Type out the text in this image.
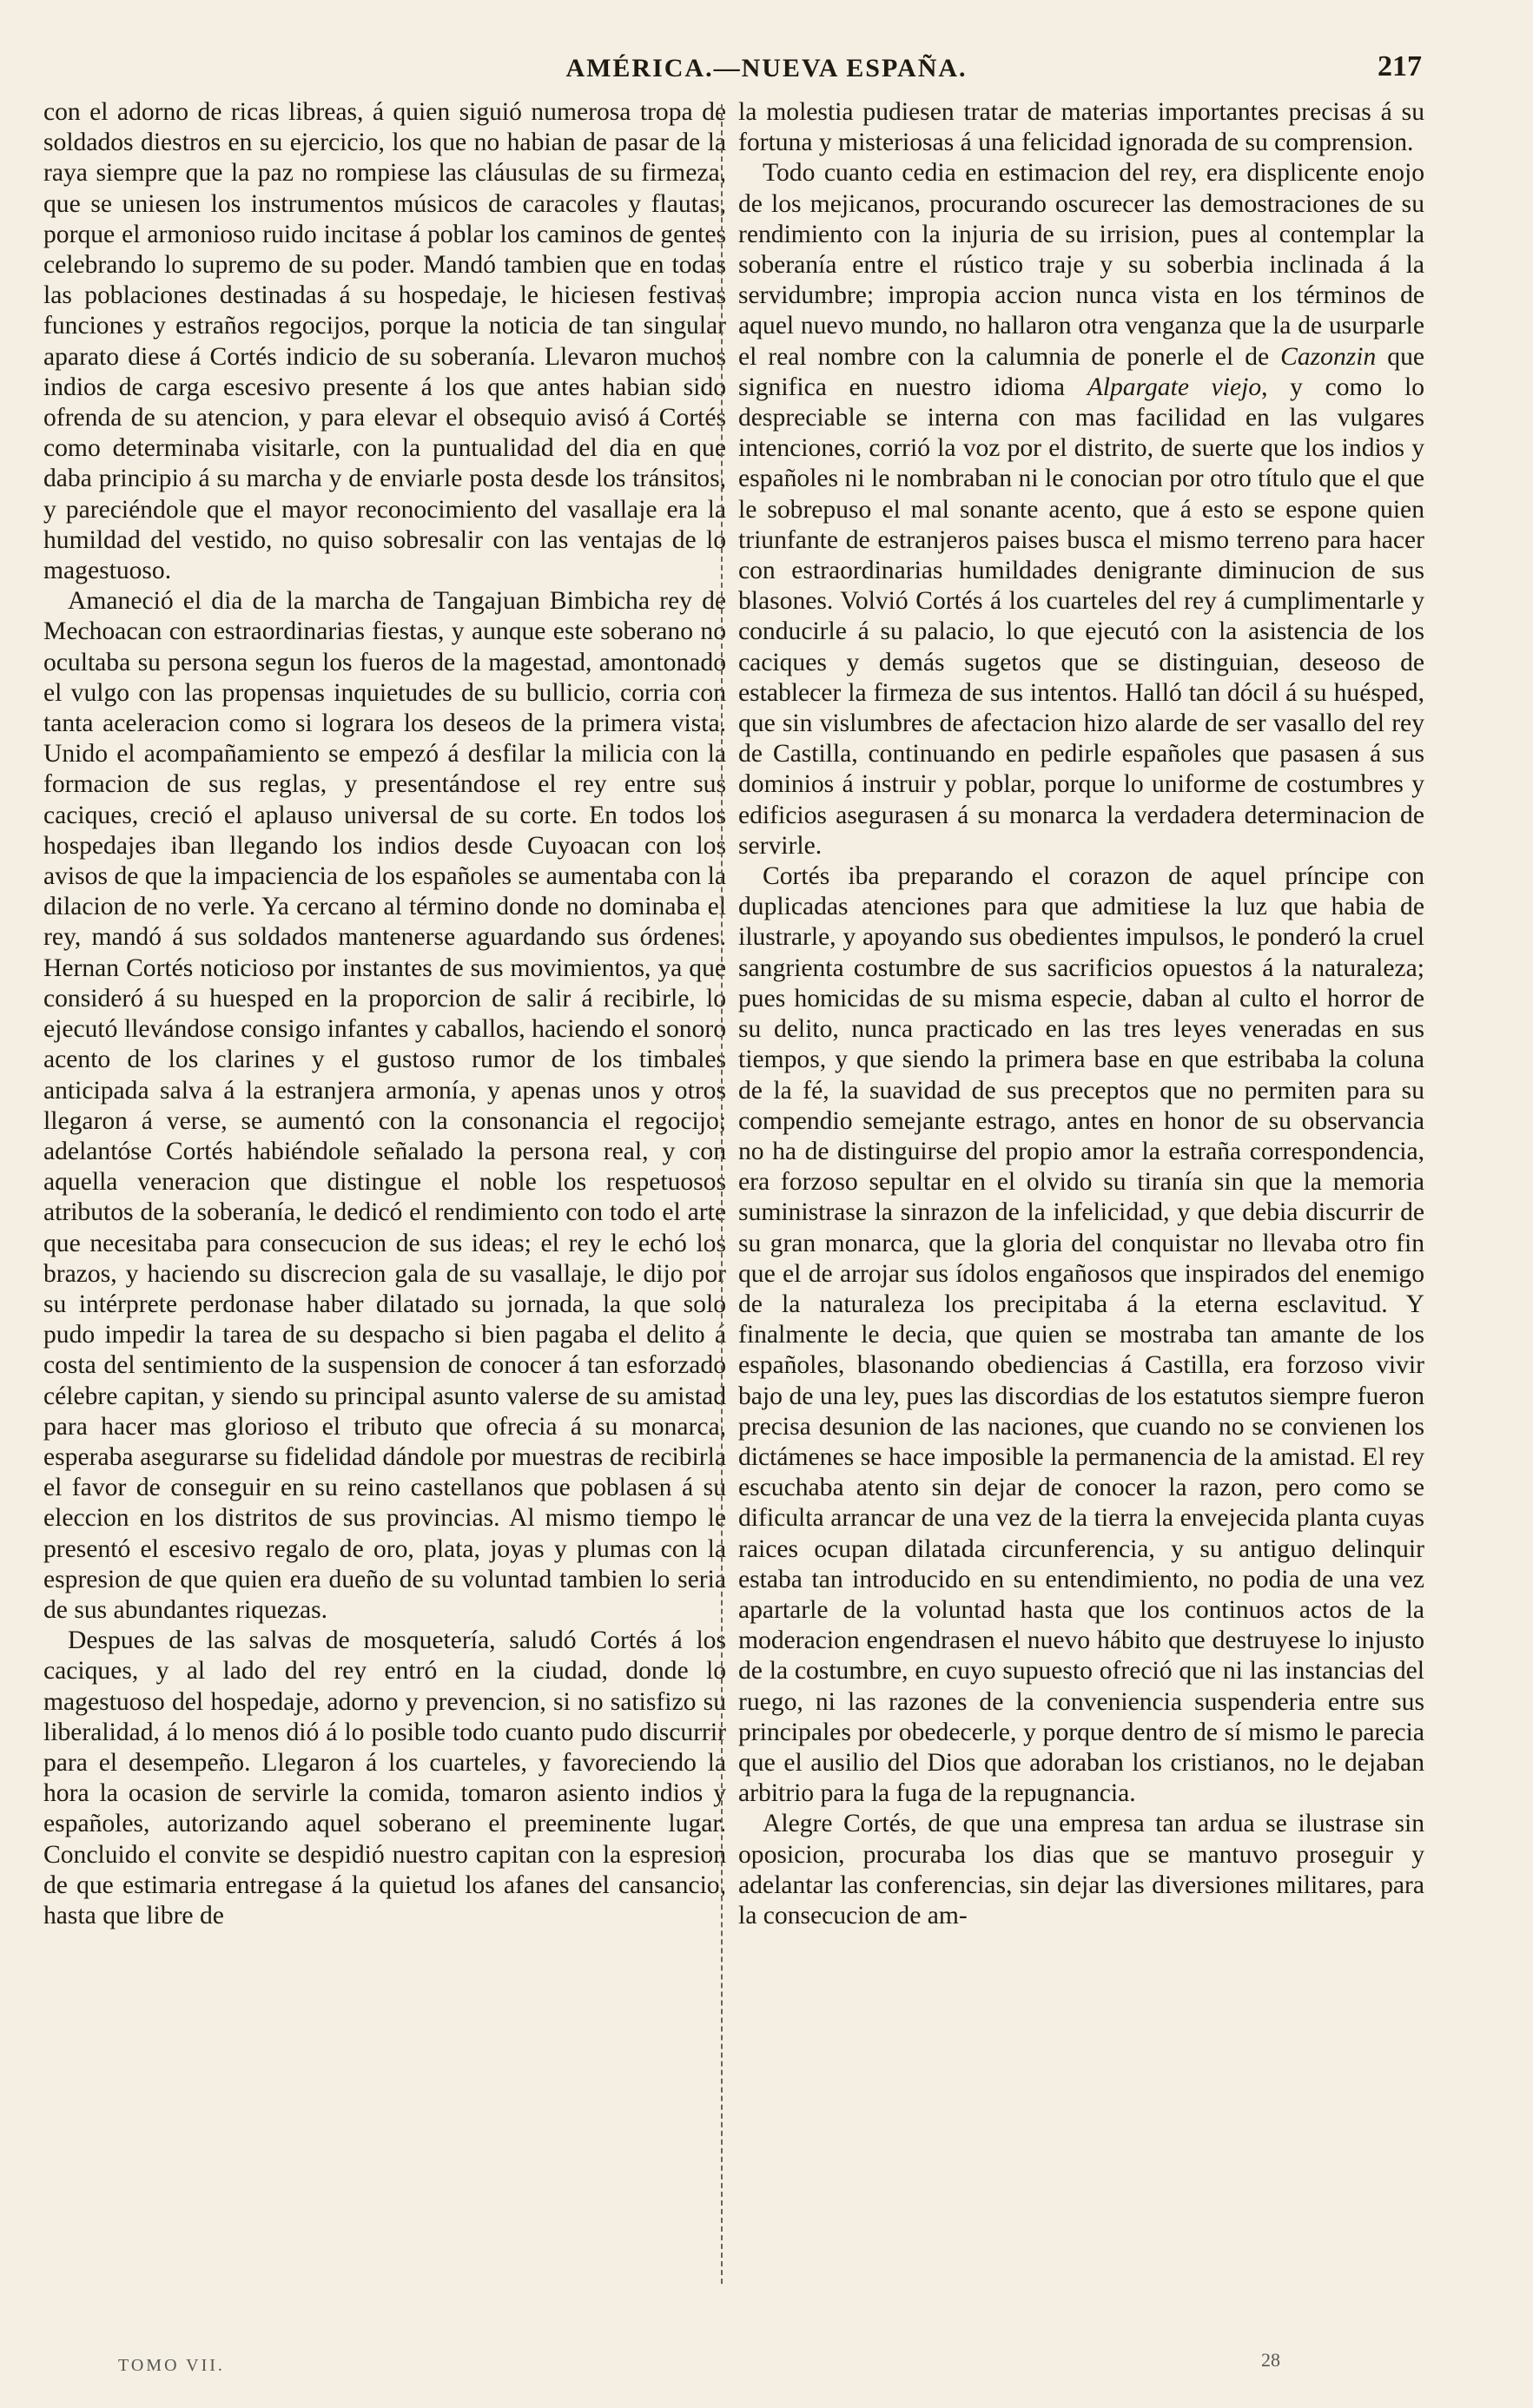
AMÉRICA.—NUEVA ESPAÑA.	217

con el adorno de ricas libreas, á quien siguió numerosa tropa de soldados diestros en su ejercicio, los que no habian de pasar de la raya siempre que la paz no rompiese las cláusulas de su firmeza, que se uniesen los instrumentos músicos de caracoles y flautas, porque el armonioso ruido incitase á poblar los caminos de gentes celebrando lo supremo de su poder. Mandó tambien que en todas las poblaciones destinadas á su hospedaje, le hiciesen festivas funciones y estraños regocijos, porque la noticia de tan singular aparato diese á Cortés indicio de su soberanía. Llevaron muchos indios de carga escesivo presente á los que antes habian sido ofrenda de su atencion, y para elevar el obsequio avisó á Cortés como determinaba visitarle, con la puntualidad del dia en que daba principio á su marcha y de enviarle posta desde los tránsitos, y pareciéndole que el mayor reconocimiento del vasallaje era la humildad del vestido, no quiso sobresalir con las ventajas de lo magestuoso.

Amaneció el dia de la marcha de Tangajuan Bimbicha rey de Mechoacan con estraordinarias fiestas, y aunque este soberano no ocultaba su persona segun los fueros de la magestad, amontonado el vulgo con las propensas inquietudes de su bullicio, corria con tanta aceleracion como si lograra los deseos de la primera vista. Unido el acompañamiento se empezó á desfilar la milicia con la formacion de sus reglas, y presentándose el rey entre sus caciques, creció el aplauso universal de su corte. En todos los hospedajes iban llegando los indios desde Cuyoacan con los avisos de que la impaciencia de los españoles se aumentaba con la dilacion de no verle. Ya cercano al término donde no dominaba el rey, mandó á sus soldados mantenerse aguardando sus órdenes. Hernan Cortés noticioso por instantes de sus movimientos, ya que consideró á su huesped en la proporcion de salir á recibirle, lo ejecutó llevándose consigo infantes y caballos, haciendo el sonoro acento de los clarines y el gustoso rumor de los timbales anticipada salva á la estranjera armonía, y apenas unos y otros llegaron á verse, se aumentó con la consonancia el regocijo; adelantóse Cortés habiéndole señalado la persona real, y con aquella veneracion que distingue el noble los respetuosos atributos de la soberanía, le dedicó el rendimiento con todo el arte que necesitaba para consecucion de sus ideas; el rey le echó los brazos, y haciendo su discrecion gala de su vasallaje, le dijo por su intérprete perdonase haber dilatado su jornada, la que solo pudo impedir la tarea de su despacho si bien pagaba el delito á costa del sentimiento de la suspension de conocer á tan esforzado célebre capitan, y siendo su principal asunto valerse de su amistad para hacer mas glorioso el tributo que ofrecia á su monarca, esperaba asegurarse su fidelidad dándole por muestras de recibirla el favor de conseguir en su reino castellanos que poblasen á su eleccion en los distritos de sus provincias. Al mismo tiempo le presentó el escesivo regalo de oro, plata, joyas y plumas con la espresion de que quien era dueño de su voluntad tambien lo seria de sus abundantes riquezas.

Despues de las salvas de mosquetería, saludó Cortés á los caciques, y al lado del rey entró en la ciudad, donde lo magestuoso del hospedaje, adorno y prevencion, si no satisfizo su liberalidad, á lo menos dió á lo posible todo cuanto pudo discurrir para el desempeño. Llegaron á los cuarteles, y favoreciendo la hora la ocasion de servirle la comida, tomaron asiento indios y españoles, autorizando aquel soberano el preeminente lugar. Concluido el convite se despidió nuestro capitan con la espresion de que estimaria entregase á la quietud los afanes del cansancio, hasta que libre de

la molestia pudiesen tratar de materias importantes precisas á su fortuna y misteriosas á una felicidad ignorada de su comprension.

Todo cuanto cedia en estimacion del rey, era displicente enojo de los mejicanos, procurando oscurecer las demostraciones de su rendimiento con la injuria de su irrision, pues al contemplar la soberanía entre el rústico traje y su soberbia inclinada á la servidumbre; impropia accion nunca vista en los términos de aquel nuevo mundo, no hallaron otra venganza que la de usurparle el real nombre con la calumnia de ponerle el de Cazonzin que significa en nuestro idioma Alpargate viejo, y como lo despreciable se interna con mas facilidad en las vulgares intenciones, corrió la voz por el distrito, de suerte que los indios y españoles ni le nombraban ni le conocian por otro título que el que le sobrepuso el mal sonante acento, que á esto se espone quien triunfante de estranjeros paises busca el mismo terreno para hacer con estraordinarias humildades denigrante diminucion de sus blasones. Volvió Cortés á los cuarteles del rey á cumplimentarle y conducirle á su palacio, lo que ejecutó con la asistencia de los caciques y demás sugetos que se distinguian, deseoso de establecer la firmeza de sus intentos. Halló tan dócil á su huésped, que sin vislumbres de afectacion hizo alarde de ser vasallo del rey de Castilla, continuando en pedirle españoles que pasasen á sus dominios á instruir y poblar, porque lo uniforme de costumbres y edificios asegurasen á su monarca la verdadera determinacion de servirle.

Cortés iba preparando el corazon de aquel príncipe con duplicadas atenciones para que admitiese la luz que habia de ilustrarle, y apoyando sus obedientes impulsos, le ponderó la cruel sangrienta costumbre de sus sacrificios opuestos á la naturaleza; pues homicidas de su misma especie, daban al culto el horror de su delito, nunca practicado en las tres leyes veneradas en sus tiempos, y que siendo la primera base en que estribaba la coluna de la fé, la suavidad de sus preceptos que no permiten para su compendio semejante estrago, antes en honor de su observancia no ha de distinguirse del propio amor la estraña correspondencia, era forzoso sepultar en el olvido su tiranía sin que la memoria suministrase la sinrazon de la infelicidad, y que debia discurrir de su gran monarca, que la gloria del conquistar no llevaba otro fin que el de arrojar sus ídolos engañosos que inspirados del enemigo de la naturaleza los precipitaba á la eterna esclavitud. Y finalmente le decia, que quien se mostraba tan amante de los españoles, blasonando obediencias á Castilla, era forzoso vivir bajo de una ley, pues las discordias de los estatutos siempre fueron precisa desunion de las naciones, que cuando no se convienen los dictámenes se hace imposible la permanencia de la amistad. El rey escuchaba atento sin dejar de conocer la razon, pero como se dificulta arrancar de una vez de la tierra la envejecida planta cuyas raices ocupan dilatada circunferencia, y su antiguo delinquir estaba tan introducido en su entendimiento, no podia de una vez apartarle de la voluntad hasta que los continuos actos de la moderacion engendrasen el nuevo hábito que destruyese lo injusto de la costumbre, en cuyo supuesto ofreció que ni las instancias del ruego, ni las razones de la conveniencia suspenderia entre sus principales por obedecerle, y porque dentro de sí mismo le parecia que el ausilio del Dios que adoraban los cristianos, no le dejaban arbitrio para la fuga de la repugnancia.

Alegre Cortés, de que una empresa tan ardua se ilustrase sin oposicion, procuraba los dias que se mantuvo proseguir y adelantar las conferencias, sin dejar las diversiones militares, para la consecucion de am-

TOMO VII.	28
